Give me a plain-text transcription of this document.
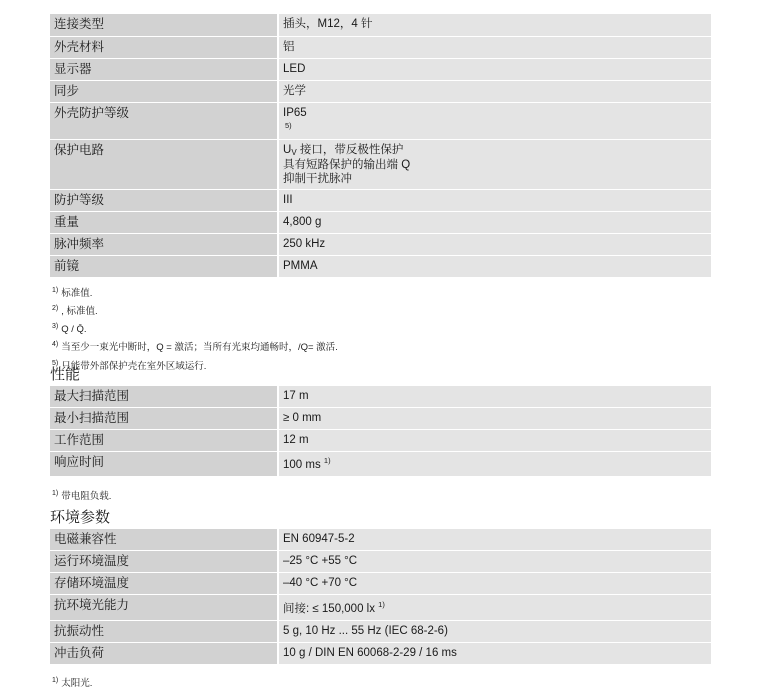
连接类型	插头，M12，4 针
外壳材料	铝
显示器	LED
同步	光学
外壳防护等级	IP65
5)
保护电路	UV 接口，带反极性保护
具有短路保护的输出端 Q
抑制干扰脉冲
防护等级	III
重量	4,800 g
脉冲频率	250 kHz
前镜	PMMA
$^{1)}$ 标准值.
$^{2)}$ , 标准值.
$^{3)}$ Q / Q̄.
$^{4)}$ 当至少一束光中断时，Q = 激活；当所有光束均通畅时，/Q= 激活.
$^{5)}$ 只能带外部保护壳在室外区域运行.
性能
最大扫描范围	17 m
最小扫描范围	≥ 0 mm
工作范围	12 m
响应时间	100 ms $^{1)}$
$^{1)}$ 带电阻负载.
环境参数
电磁兼容性	EN 60947-5-2
运行环境温度	–25 °C +55 °C
存储环境温度	–40 °C +70 °C
抗环境光能力	间接: ≤ 150,000 lx $^{1)}$
抗振动性	5 g, 10 Hz ... 55 Hz (IEC 68-2-6)
冲击负荷	10 g / DIN EN 60068-2-29 / 16 ms
$^{1)}$ 太阳光.
